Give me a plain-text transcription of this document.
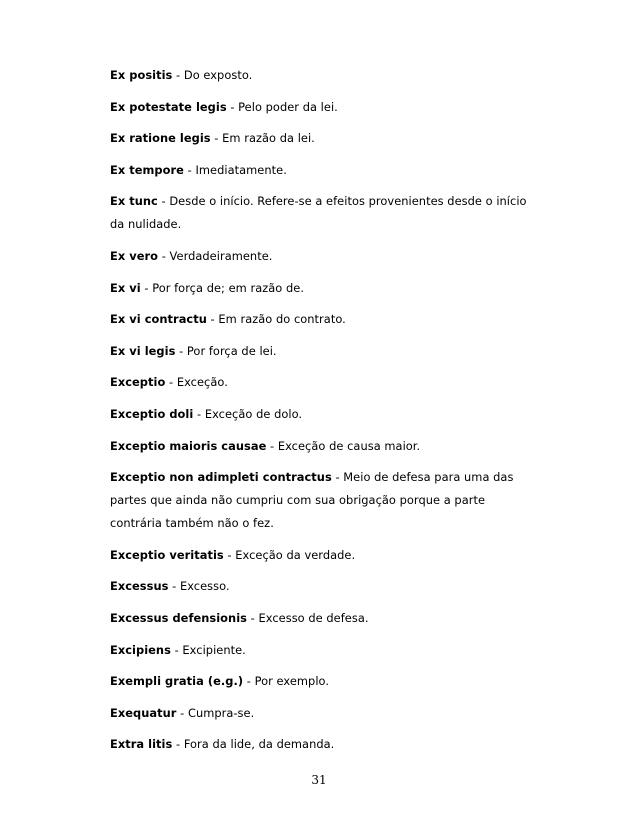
Ex positis - Do exposto.

Ex potestate legis - Pelo poder da lei.

Ex ratione legis - Em razão da lei.

Ex tempore - Imediatamente.

Ex tunc - Desde o início. Refere-se a efeitos provenientes desde o início da nulidade.

Ex vero - Verdadeiramente.

Ex vi - Por força de; em razão de.

Ex vi contractu - Em razão do contrato.

Ex vi legis - Por força de lei.

Exceptio - Exceção.

Exceptio doli - Exceção de dolo.

Exceptio maioris causae - Exceção de causa maior.

Exceptio non adimpleti contractus - Meio de defesa para uma das partes que ainda não cumpriu com sua obrigação porque a parte contrária também não o fez.

Exceptio veritatis - Exceção da verdade.

Excessus - Excesso.

Excessus defensionis - Excesso de defesa.

Excipiens - Excipiente.

Exempli gratia (e.g.) - Por exemplo.

Exequatur - Cumpra-se.

Extra litis - Fora da lide, da demanda.

31
